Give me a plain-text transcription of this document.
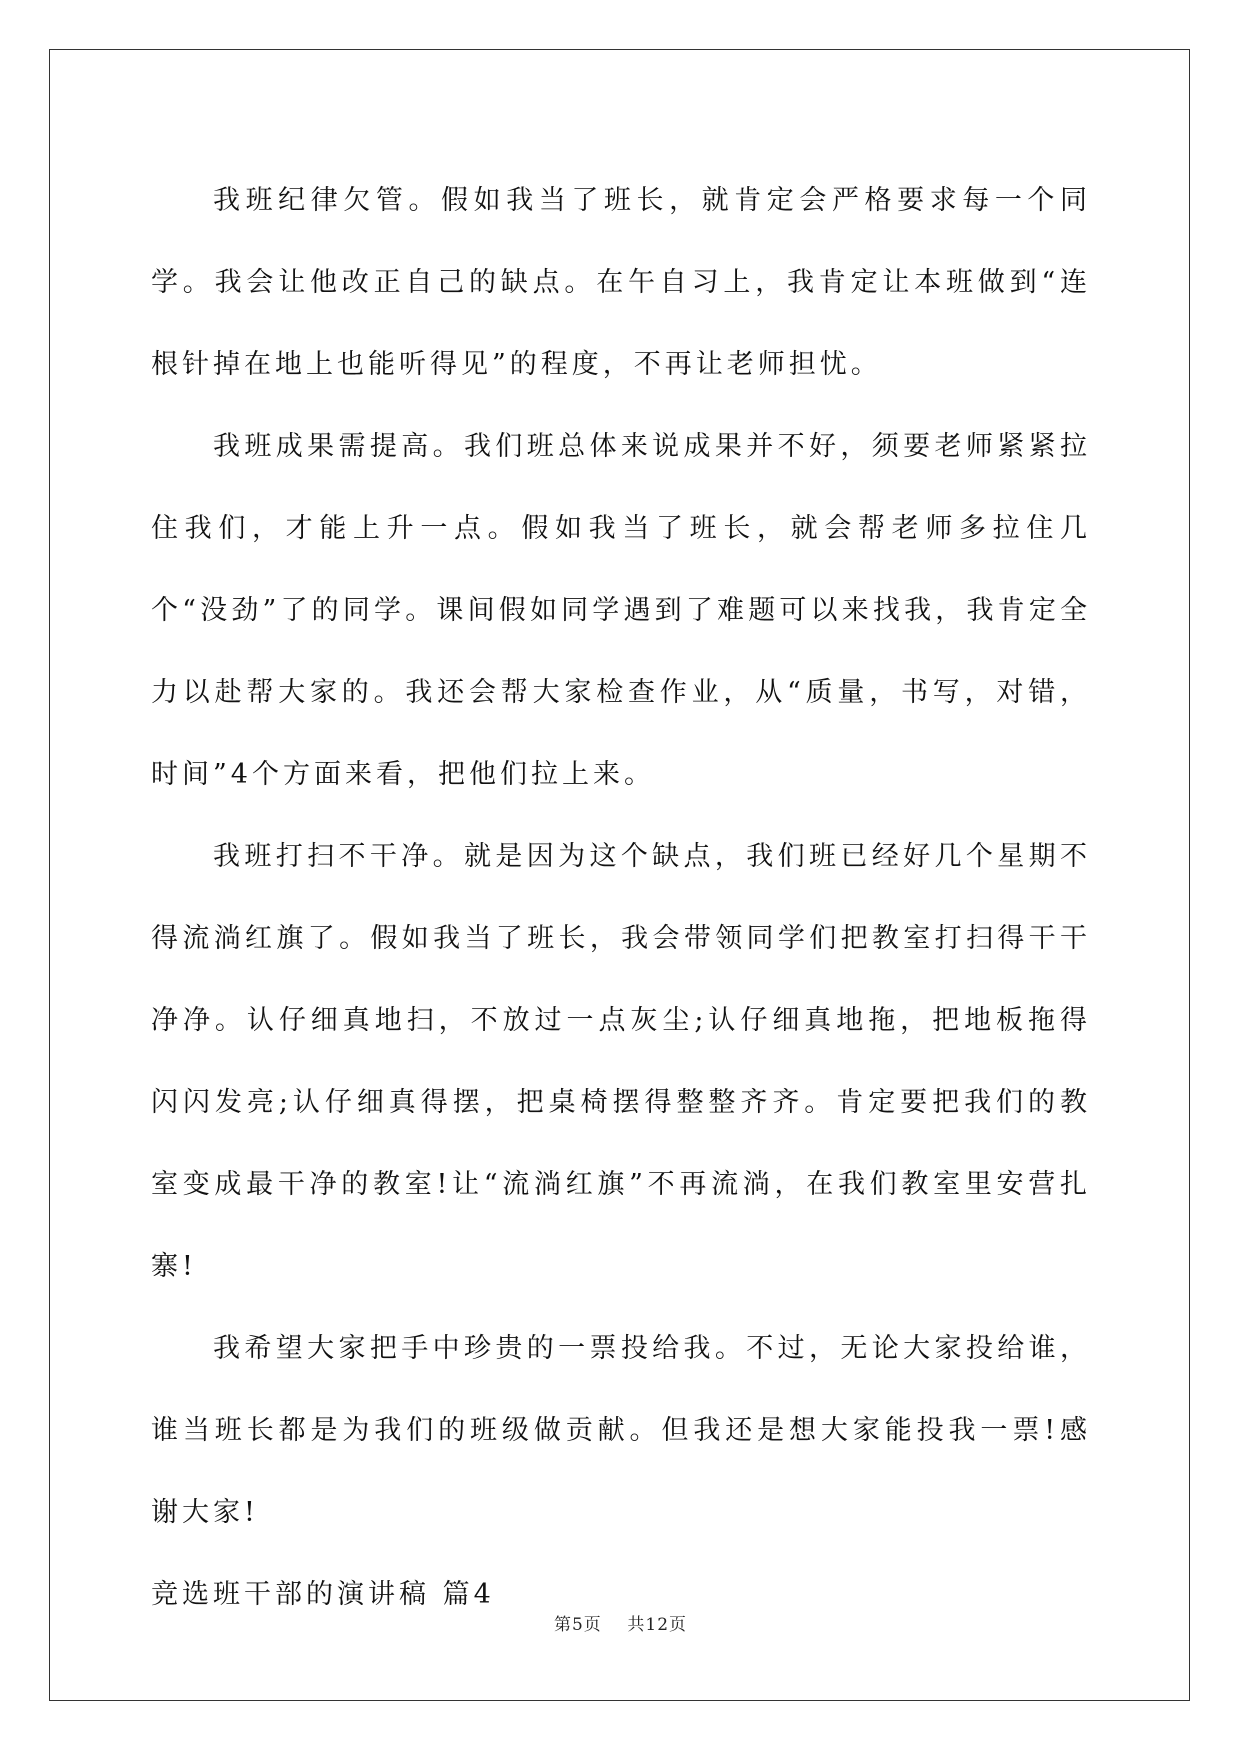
我班纪律欠管。假如我当了班长，就肯定会严格要求每一个同学。我会让他改正自己的缺点。在午自习上，我肯定让本班做到“连根针掉在地上也能听得见”的程度，不再让老师担忧。

我班成果需提高。我们班总体来说成果并不好，须要老师紧紧拉住我们，才能上升一点。假如我当了班长，就会帮老师多拉住几个“没劲”了的同学。课间假如同学遇到了难题可以来找我，我肯定全力以赴帮大家的。我还会帮大家检查作业，从“质量，书写，对错，时间”4个方面来看，把他们拉上来。

我班打扫不干净。就是因为这个缺点，我们班已经好几个星期不得流淌红旗了。假如我当了班长，我会带领同学们把教室打扫得干干净净。认仔细真地扫，不放过一点灰尘;认仔细真地拖，把地板拖得闪闪发亮;认仔细真得摆，把桌椅摆得整整齐齐。肯定要把我们的教室变成最干净的教室!让“流淌红旗”不再流淌，在我们教室里安营扎寨!

我希望大家把手中珍贵的一票投给我。不过，无论大家投给谁，谁当班长都是为我们的班级做贡献。但我还是想大家能投我一票!感谢大家!

竞选班干部的演讲稿 篇4

第5页 共12页
